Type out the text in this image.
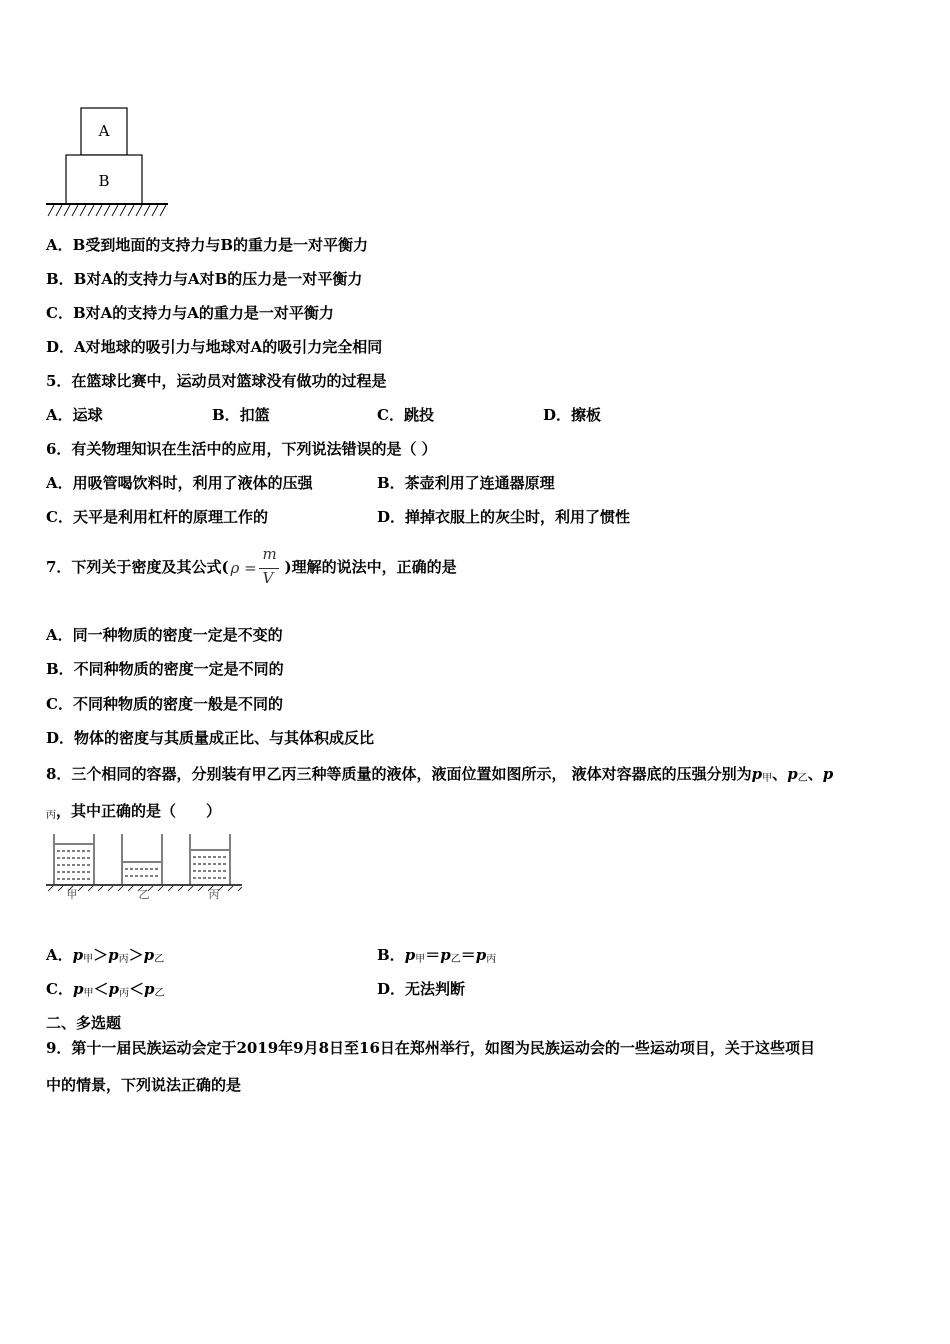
A
B
A．B受到地面的支持力与B的重力是一对平衡力
B．B对A的支持力与A对B的压力是一对平衡力
C．B对A的支持力与A的重力是一对平衡力
D．A对地球的吸引力与地球对A的吸引力完全相同
5．在篮球比赛中，运动员对篮球没有做功的过程是
A．运球	B．扣篮	C．跳投	D．擦板
6．有关物理知识在生活中的应用，下列说法错误的是（ ）
A．用吸管喝饮料时，利用了液体的压强	B．茶壶利用了连通器原理
C．天平是利用杠杆的原理工作的	D．掸掉衣服上的灰尘时，利用了惯性
7．下列关于密度及其公式( ρ =
m
V
)理解的说法中，正确的是
A．同一种物质的密度一定是不变的
B．不同种物质的密度一定是不同的
C．不同种物质的密度一般是不同的
D．物体的密度与其质量成正比、与其体积成反比
8．三个相同的容器，分别装有甲乙丙三种等质量的液体，液面位置如图所示， 液体对容器底的压强分别为$p_甲$、$p_乙$、p
$_丙$，其中正确的是（　　）
甲	乙	丙
A．$p_甲>p_丙>p_乙$	B．$p_甲=p_乙=p_丙$
C．$p_甲<p_丙<p_乙$	D．无法判断
二、多选题
9．第十一届民族运动会定于2019年9月8日至16日在郑州举行，如图为民族运动会的一些运动项目，关于这些项目
中的情景，下列说法正确的是
